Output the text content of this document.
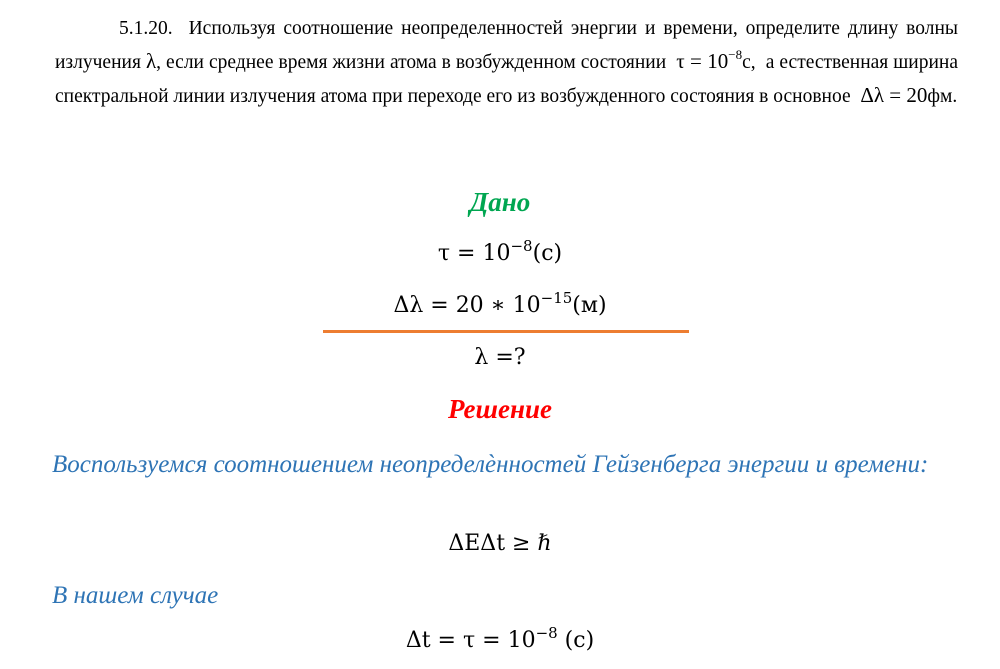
5.1.20. Используя соотношение неопределенностей энергии и времени, определите длину волны излучения λ, если среднее время жизни атома в возбужденном состоянии $\tau = 10^{-8}с$, а естественная ширина спектральной линии излучения атома при переходе его из возбужденного состояния в основное Δλ = 20фм.
Дано
$\tau = 10^{-8}(с)$
Δλ = 20 ∗ $10^{-15}(м)$
λ =?
Решение
Воспользуемся соотношением неопределѐнностей Гейзенберга энергии и времени:
ΔEΔt ≥ ℏ
В нашем случае
$\Delta t = \tau = 10^{-8}$ (c)
